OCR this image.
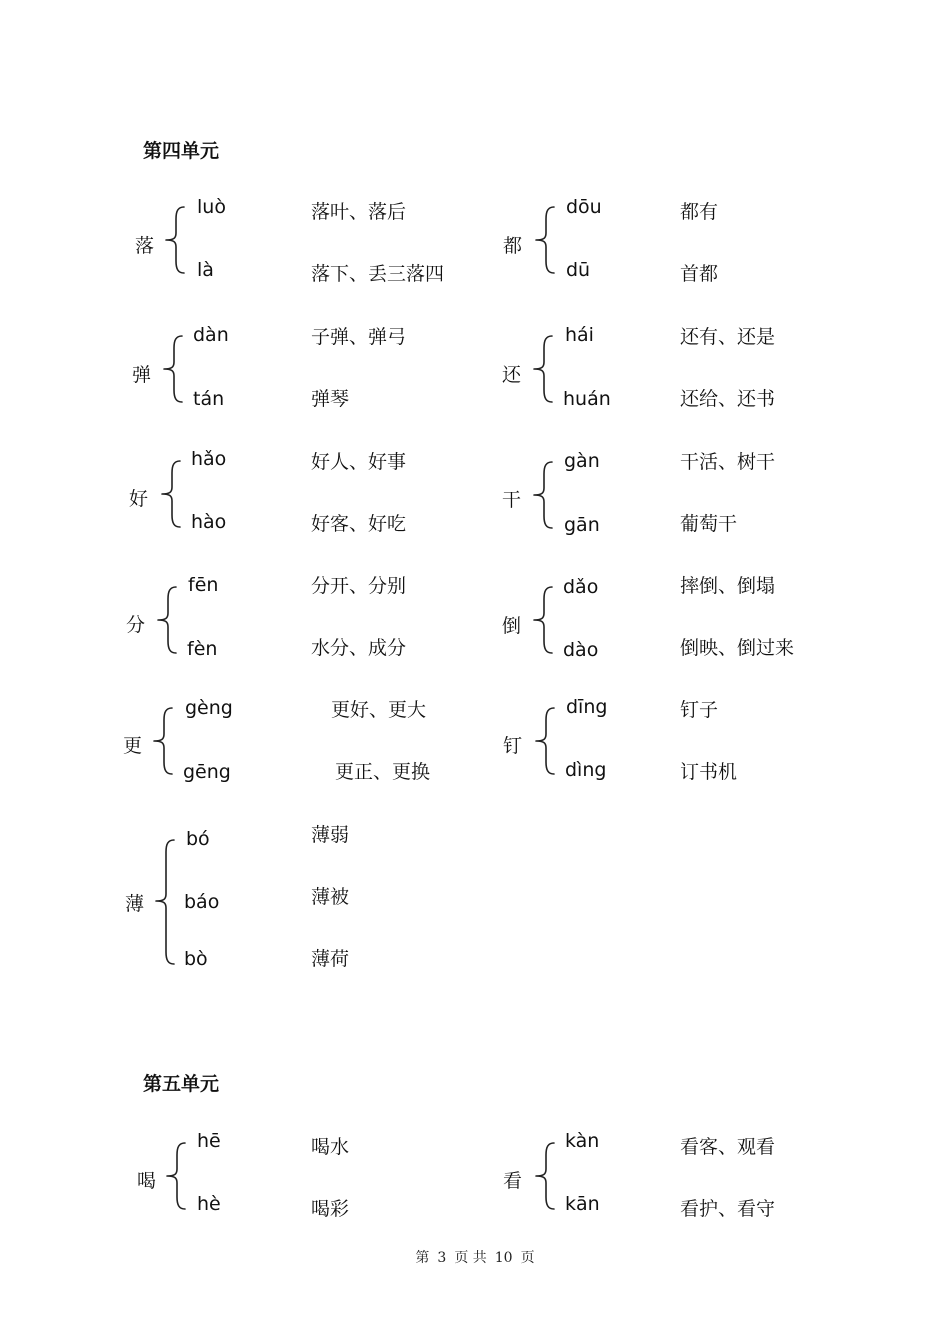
第四单元
落
luò
là
落叶、落后
落下、丢三落四
都
dōu
dū
都有
首都
弹
dàn
tán
子弹、弹弓
弹琴
还
hái
huán
还有、还是
还给、还书
好
hǎo
hào
好人、好事
好客、好吃
干
gàn
gān
干活、树干
葡萄干
分
fēn
fèn
分开、分别
水分、成分
倒
dǎo
dào
摔倒、倒塌
倒映、倒过来
更
gèng
gēng
更好、更大
更正、更换
钉
dīng
dìng
钉子
订书机
薄
bó
báo
bò
薄弱
薄被
薄荷
第五单元
喝
hē
hè
喝水
喝彩
看
kàn
kān
看客、观看
看护、看守
第 3 页 共 10 页
